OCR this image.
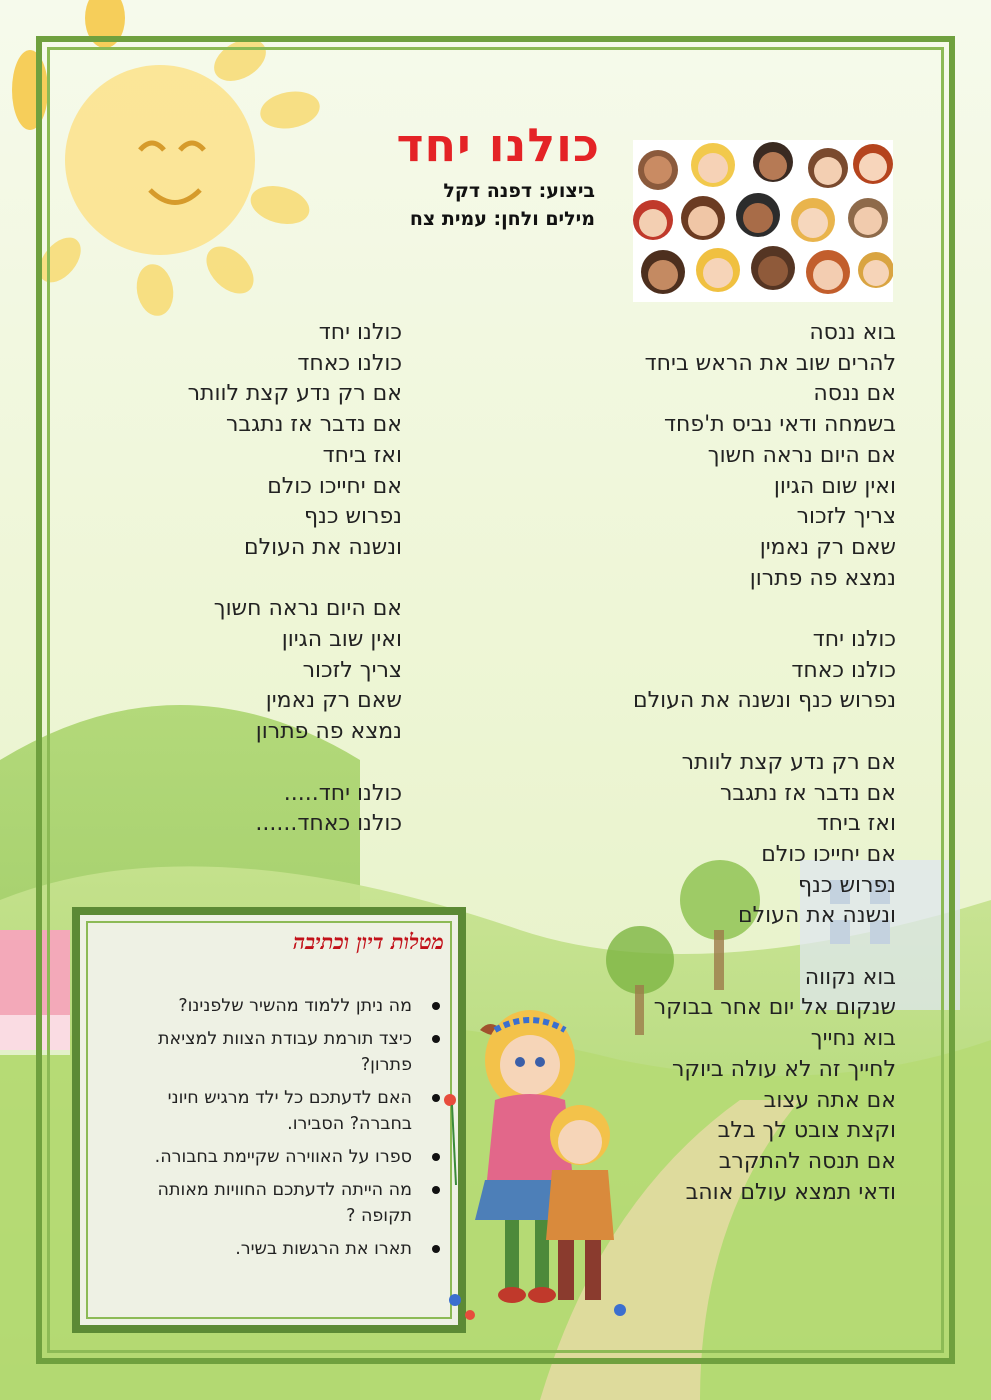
כולנו יחד
ביצוע: דפנה דקל
מילים ולחן: עמית צח
בוא ננסה
להרים שוב את הראש ביחד
אם ננסה
בשמחה ודאי נביס ת'פחד
אם היום נראה חשוך
ואין שום הגיון
צריך לזכור
שאם רק נאמין
נמצא פה פתרון
כולנו יחד
כולנו כאחד
נפרוש כנף ונשנה את העולם
אם רק נדע קצת לוותר
אם נדבר אז נתגבר
ואז ביחד
אם יחייכו כולם
נפרוש כנף
ונשנה את העולם
בוא נקווה
שנקום אל יום אחר בבוקר
בוא נחייך
לחייך זה לא עולה ביוקר
אם אתה עצוב
וקצת צובט לך בלב
אם תנסה להתקרב
ודאי תמצא עולם אוהב
כולנו יחד
כולנו כאחד
אם רק נדע קצת לוותר
אם נדבר אז נתגבר
ואז ביחד
אם יחייכו כולם
נפרוש כנף
ונשנה את העולם
אם היום נראה חשוך
ואין שוב הגיון
צריך לזכור
שאם רק נאמין
נמצא פה פתרון
כולנו יחד.....
כולנו כאחד......
מטלות דיון וכתיבה
מה ניתן ללמוד מהשיר שלפנינו?
כיצד תורמת עבודת הצוות למציאת פתרון?
האם לדעתכם כל ילד מרגיש חיוני בחברה? הסבירו.
ספרו על האווירה שקיימת בחבורה.
מה הייתה לדעתכם החוויות מאותה תקופה ?
תארו את הרגשות בשיר.
